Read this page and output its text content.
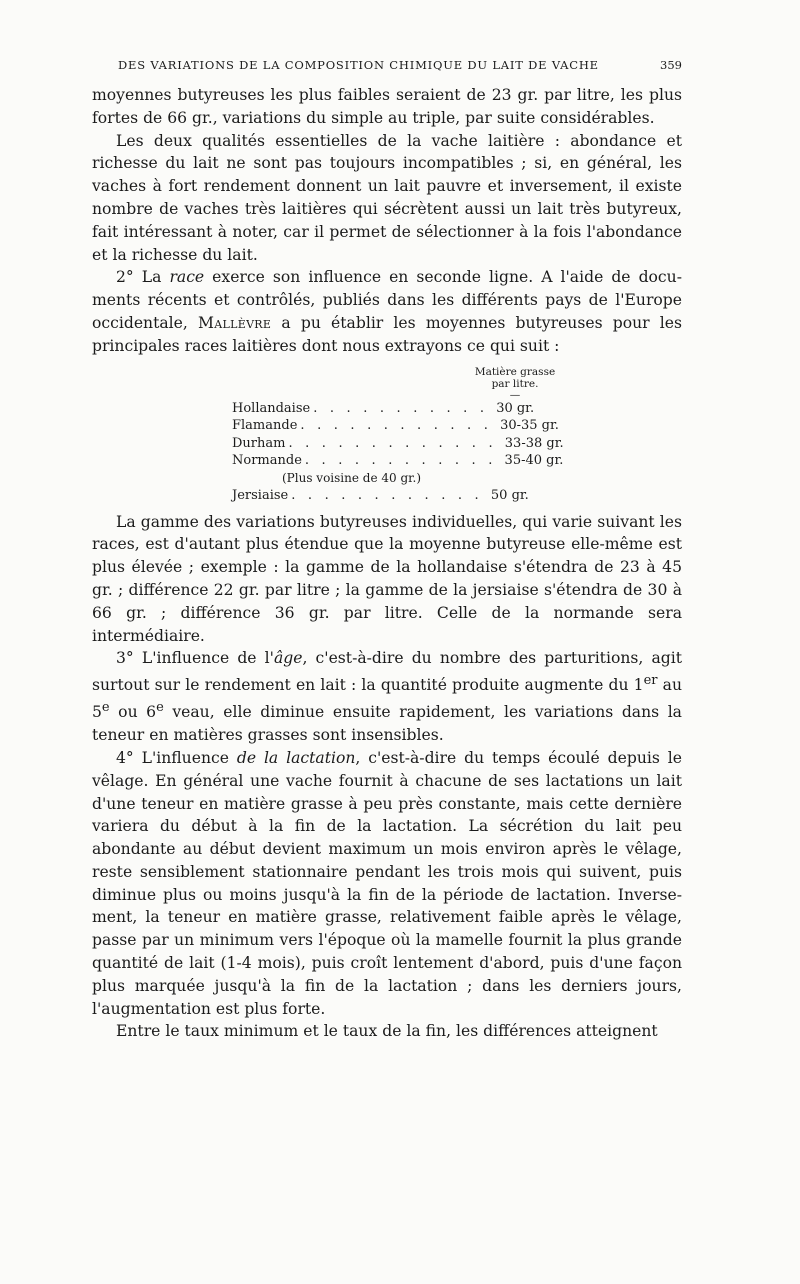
DES VARIATIONS DE LA COMPOSITION CHIMIQUE DU LAIT DE VACHE	359

moyennes butyreuses les plus faibles seraient de 23 gr. par litre, les plus fortes de 66 gr., variations du simple au triple, par suite considérables.

Les deux qualités essentielles de la vache laitière : abondance et richesse du lait ne sont pas toujours incompatibles ; si, en général, les vaches à fort rendement donnent un lait pauvre et inversement, il existe nombre de vaches très laitières qui sécrètent aussi un lait très butyreux, fait intéressant à noter, car il permet de sélectionner à la fois l'abondance et la richesse du lait.

2° La race exerce son influence en seconde ligne. A l'aide de documents récents et contrôlés, publiés dans les différents pays de l'Europe occidentale, Mallèvre a pu établir les moyennes butyreuses pour les principales races laitières dont nous extrayons ce qui suit :

Matière grasse
par litre.
—
Hollandaise . . . . . . . . . . . 30 gr.
Flamande . . . . . . . . . . . . 30-35 gr.
Durham . . . . . . . . . . . . . 33-38 gr.
Normande . . . . . . . . . . . . 35-40 gr.
(Plus voisine de 40 gr.)
Jersiaise . . . . . . . . . . . . 50 gr.

La gamme des variations butyreuses individuelles, qui varie suivant les races, est d'autant plus étendue que la moyenne butyreuse elle-même est plus élevée ; exemple : la gamme de la hollandaise s'étendra de 23 à 45 gr. ; différence 22 gr. par litre ; la gamme de la jersiaise s'étendra de 30 à 66 gr. ; différence 36 gr. par litre. Celle de la normande sera intermédiaire.

3° L'influence de l'âge, c'est-à-dire du nombre des parturitions, agit surtout sur le rendement en lait : la quantité produite augmente du 1er au 5e ou 6e veau, elle diminue ensuite rapidement, les variations dans la teneur en matières grasses sont insensibles.

4° L'influence de la lactation, c'est-à-dire du temps écoulé depuis le vêlage. En général une vache fournit à chacune de ses lactations un lait d'une teneur en matière grasse à peu près constante, mais cette dernière variera du début à la fin de la lactation. La sécrétion du lait peu abondante au début devient maximum un mois environ après le vêlage, reste sensiblement stationnaire pendant les trois mois qui suivent, puis diminue plus ou moins jusqu'à la fin de la période de lactation. Inversement, la teneur en matière grasse, relativement faible après le vêlage, passe par un minimum vers l'époque où la mamelle fournit la plus grande quantité de lait (1-4 mois), puis croît lentement d'abord, puis d'une façon plus marquée jusqu'à la fin de la lactation ; dans les derniers jours, l'augmentation est plus forte.

Entre le taux minimum et le taux de la fin, les différences atteignent
